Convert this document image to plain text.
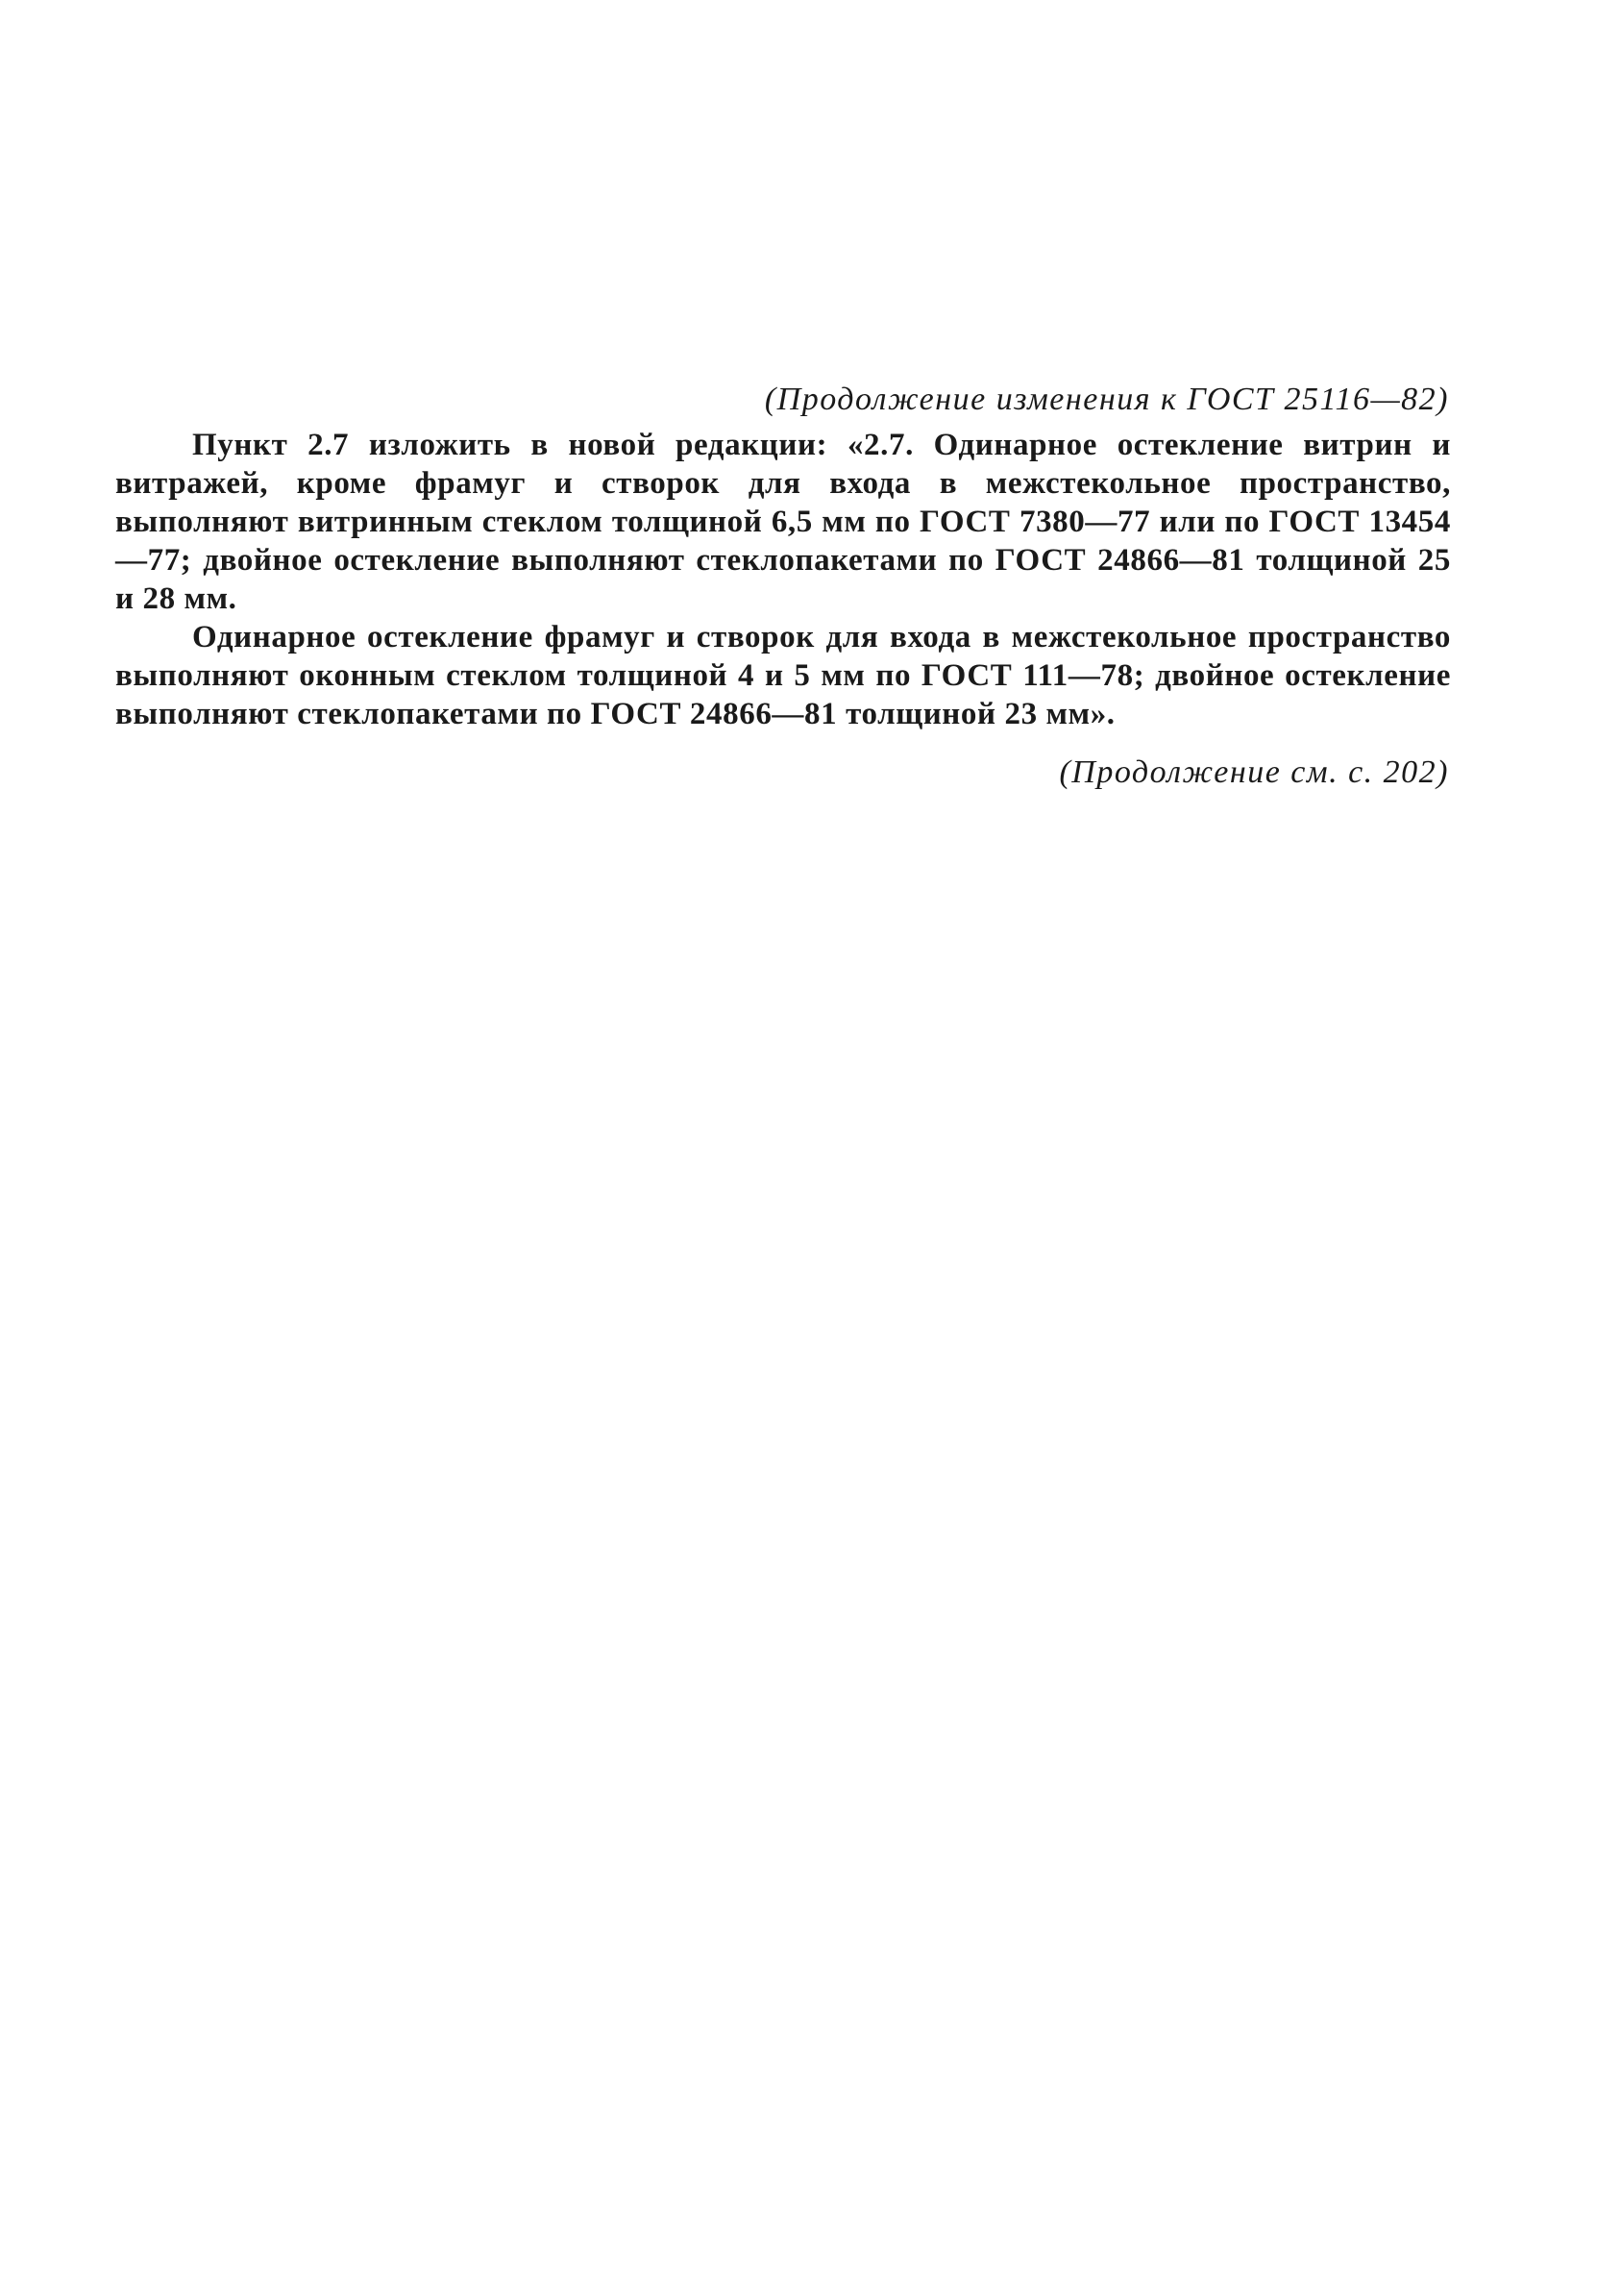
(Продолжение изменения к ГОСТ 25116—82)

Пункт 2.7 изложить в новой редакции: «2.7. Одинарное остекление витрин и витражей, кроме фрамуг и створок для входа в межстекольное пространство, выполняют витринным стеклом толщиной 6,5 мм по ГОСТ 7380—77 или по ГОСТ 13454—77; двойное остекление выполняют стеклопакетами по ГОСТ 24866—81 толщиной 25 и 28 мм.

Одинарное остекление фрамуг и створок для входа в межстекольное пространство выполняют оконным стеклом толщиной 4 и 5 мм по ГОСТ 111—78; двойное остекление выполняют стеклопакетами по ГОСТ 24866—81 толщиной 23 мм».

(Продолжение см. с. 202)
